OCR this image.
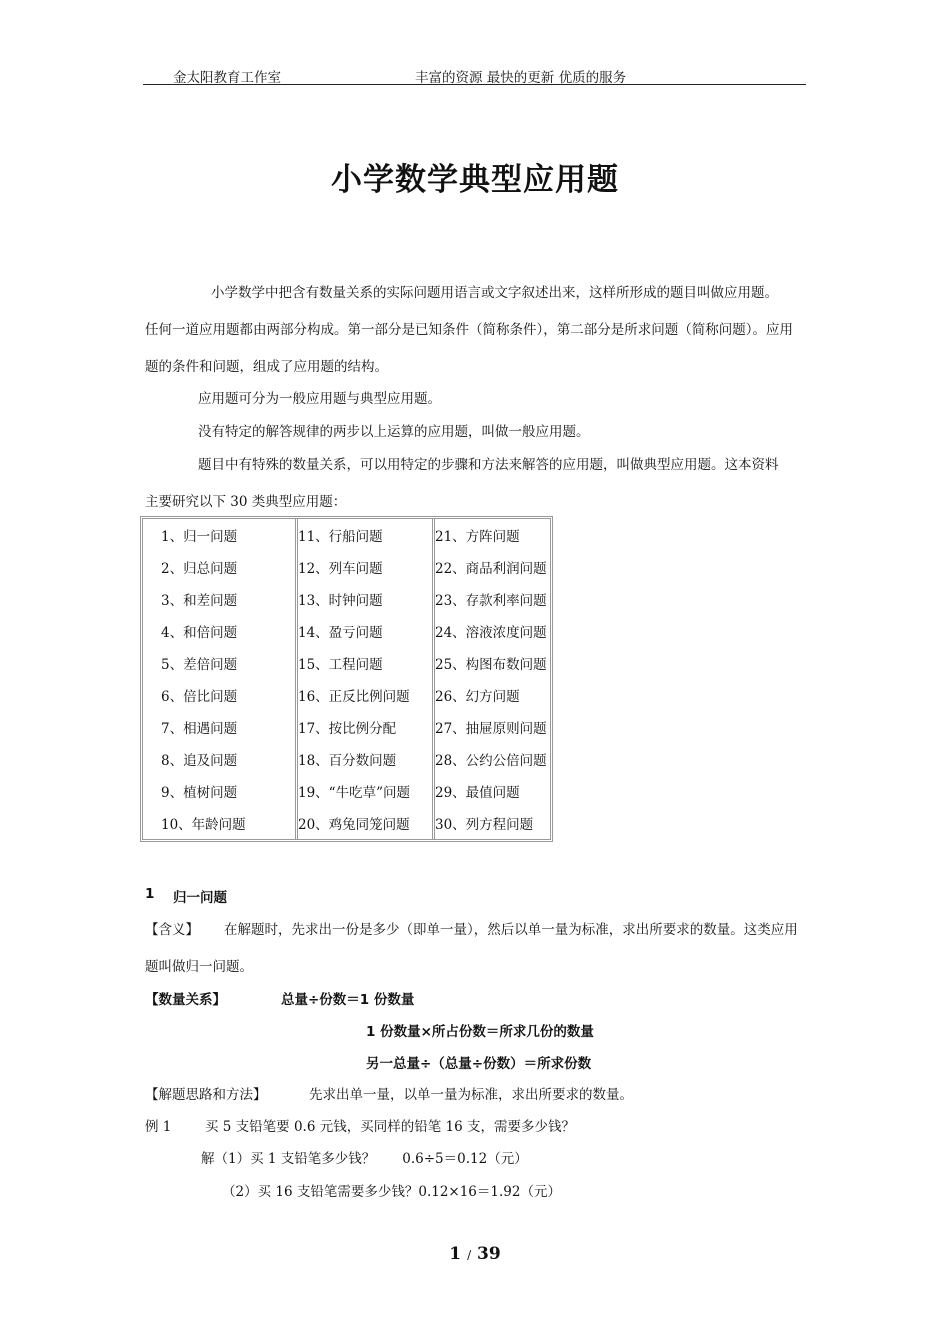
金太阳教育工作室	丰富的资源 最快的更新 优质的服务
小学数学典型应用题
小学数学中把含有数量关系的实际问题用语言或文字叙述出来，这样所形成的题目叫做应用题。
任何一道应用题都由两部分构成。第一部分是已知条件（简称条件），第二部分是所求问题（简称问题）。应用
题的条件和问题，组成了应用题的结构。
应用题可分为一般应用题与典型应用题。
没有特定的解答规律的两步以上运算的应用题，叫做一般应用题。
题目中有特殊的数量关系，可以用特定的步骤和方法来解答的应用题，叫做典型应用题。这本资料
主要研究以下 30 类典型应用题：
1、归一问题	11、行船问题	21、方阵问题
2、归总问题	12、列车问题	22、商品利润问题
3、和差问题	13、时钟问题	23、存款利率问题
4、和倍问题	14、盈亏问题	24、溶液浓度问题
5、差倍问题	15、工程问题	25、构图布数问题
6、倍比问题	16、正反比例问题	26、幻方问题
7、相遇问题	17、按比例分配	27、抽屉原则问题
8、追及问题	18、百分数问题	28、公约公倍问题
9、植树问题	19、“牛吃草”问题	29、最值问题
10、年龄问题	20、鸡兔同笼问题	30、列方程问题
1 归一问题
【含义】 在解题时，先求出一份是多少（即单一量），然后以单一量为标准，求出所要求的数量。这类应用
题叫做归一问题。
【数量关系】	总量÷份数＝1 份数量
1 份数量×所占份数＝所求几份的数量
另一总量÷（总量÷份数）＝所求份数
【解题思路和方法】	先求出单一量，以单一量为标准，求出所要求的数量。
例 1 买 5 支铅笔要 0.6 元钱，买同样的铅笔 16 支，需要多少钱？
解（1）买 1 支铅笔多少钱？　　0.6÷5＝0.12（元）
（2）买 16 支铅笔需要多少钱？0.12×16＝1.92（元）
1 / 39
